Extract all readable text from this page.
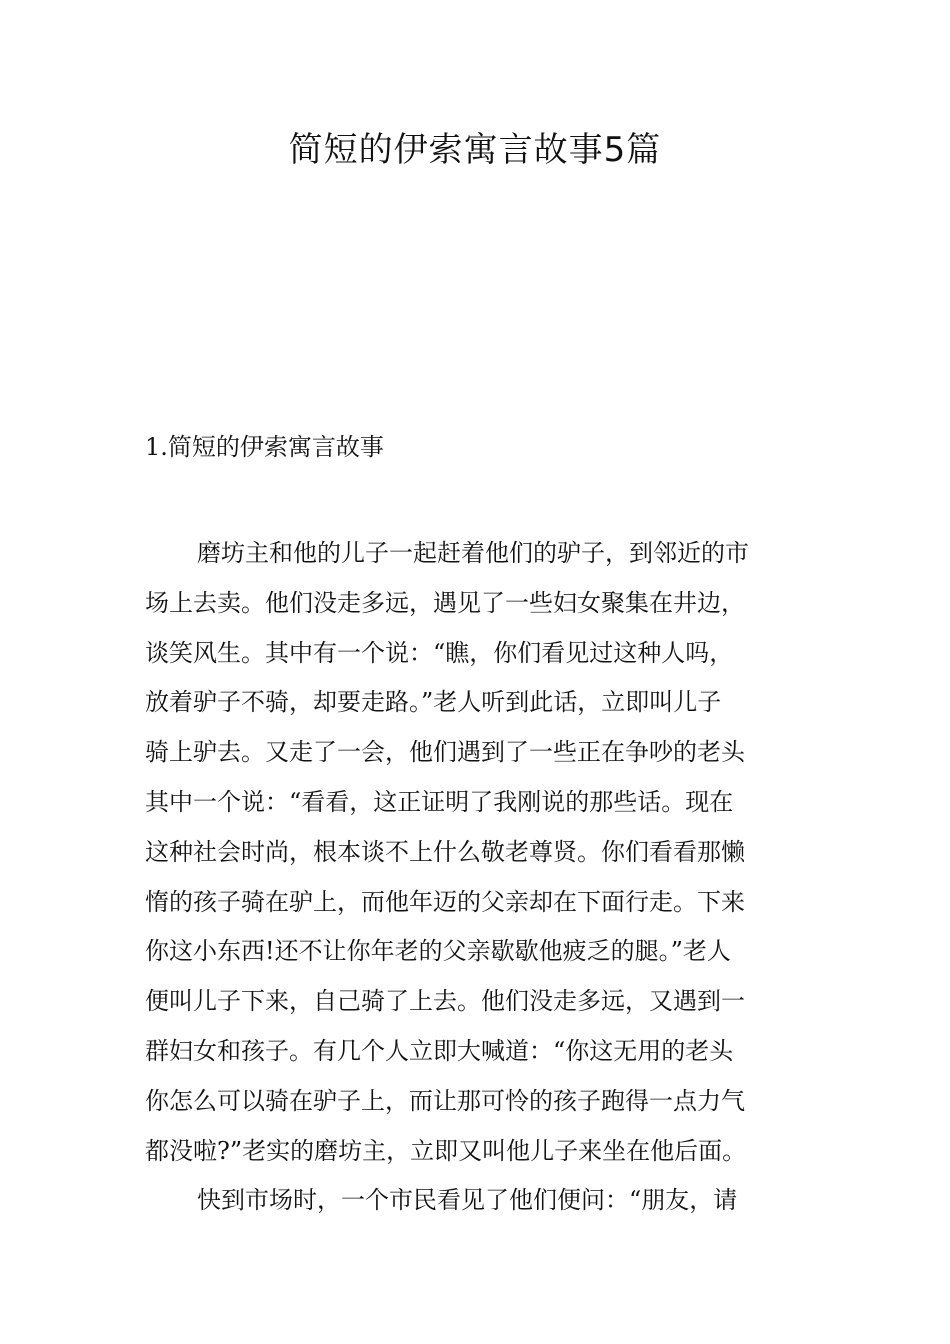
简短的伊索寓言故事5篇
1.简短的伊索寓言故事
磨坊主和他的儿子一起赶着他们的驴子，到邻近的市
场上去卖。他们没走多远，遇见了一些妇女聚集在井边，
谈笑风生。其中有一个说：“瞧，你们看见过这种人吗，
放着驴子不骑，却要走路。”老人听到此话，立即叫儿子
骑上驴去。又走了一会，他们遇到了一些正在争吵的老头
其中一个说：“看看，这正证明了我刚说的那些话。现在
这种社会时尚，根本谈不上什么敬老尊贤。你们看看那懒
惰的孩子骑在驴上，而他年迈的父亲却在下面行走。下来
你这小东西!还不让你年老的父亲歇歇他疲乏的腿。”老人
便叫儿子下来，自己骑了上去。他们没走多远，又遇到一
群妇女和孩子。有几个人立即大喊道：“你这无用的老头
你怎么可以骑在驴子上，而让那可怜的孩子跑得一点力气
都没啦?”老实的磨坊主，立即又叫他儿子来坐在他后面。
快到市场时，一个市民看见了他们便问：“朋友，请
